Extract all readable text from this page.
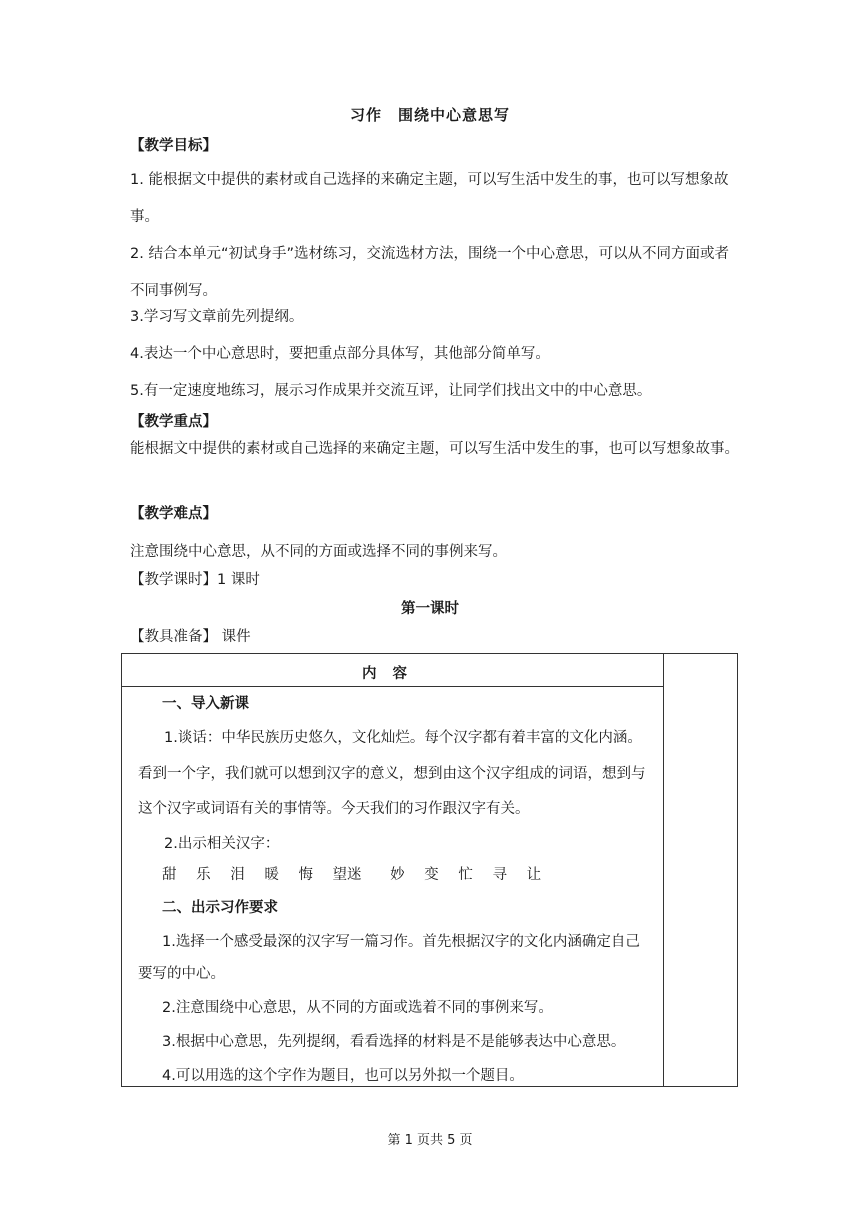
习作　围绕中心意思写
【教学目标】
1. 能根据文中提供的素材或自己选择的来确定主题，可以写生活中发生的事，也可以写想象故事。
2. 结合本单元“初试身手”选材练习，交流选材方法，围绕一个中心意思，可以从不同方面或者不同事例写。
3.学习写文章前先列提纲。
4.表达一个中心意思时，要把重点部分具体写，其他部分简单写。
5.有一定速度地练习，展示习作成果并交流互评，让同学们找出文中的中心意思。
【教学重点】
能根据文中提供的素材或自己选择的来确定主题，可以写生活中发生的事，也可以写想象故事。
【教学难点】
注意围绕中心意思，从不同的方面或选择不同的事例来写。
【教学课时】1 课时
第一课时
【教具准备】 课件
内容
一、导入新课
1.谈话：中华民族历史悠久，文化灿烂。每个汉字都有着丰富的文化内涵。
看到一个字，我们就可以想到汉字的意义，想到由这个汉字组成的词语，想到与
这个汉字或词语有关的事情等。今天我们的习作跟汉字有关。
2.出示相关汉字：
甜 乐 泪 暖 悔 望迷 妙 变 忙 寻 让
二、出示习作要求
1.选择一个感受最深的汉字写一篇习作。首先根据汉字的文化内涵确定自己
要写的中心。
2.注意围绕中心意思，从不同的方面或选着不同的事例来写。
3.根据中心意思，先列提纲，看看选择的材料是不是能够表达中心意思。
4.可以用选的这个字作为题目，也可以另外拟一个题目。
第 1 页共 5 页
